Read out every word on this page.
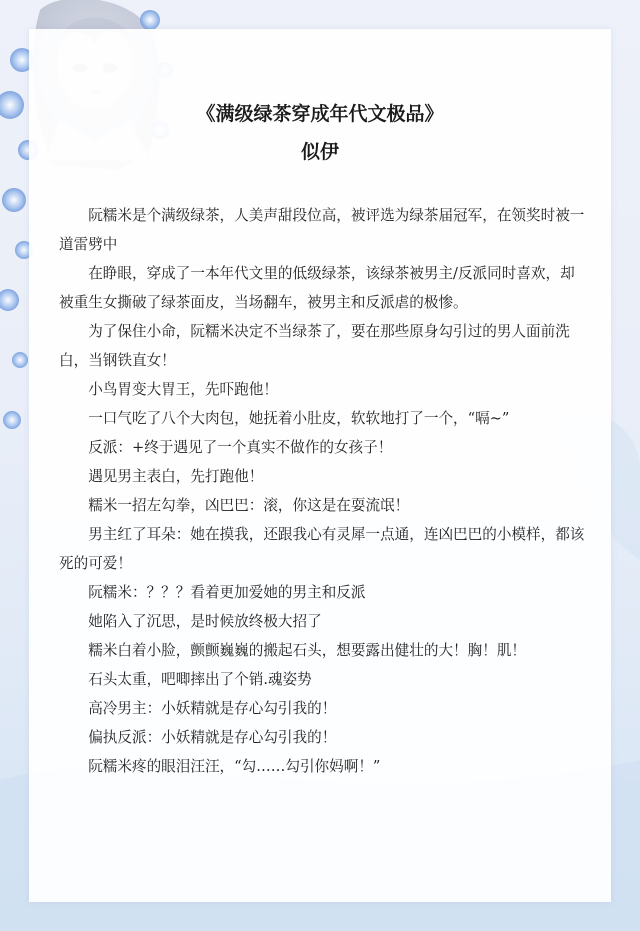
《满级绿茶穿成年代文极品》
似伊

阮糯米是个满级绿茶，人美声甜段位高，被评选为绿茶届冠军，在领奖时被一道雷劈中

在睁眼，穿成了一本年代文里的低级绿茶，该绿茶被男主/反派同时喜欢，却被重生女撕破了绿茶面皮，当场翻车，被男主和反派虐的极惨。

为了保住小命，阮糯米决定不当绿茶了，要在那些原身勾引过的男人面前洗白，当钢铁直女！

小鸟胃变大胃王，先吓跑他！

一口气吃了八个大肉包，她抚着小肚皮，软软地打了一个，“嗝~”

反派：+终于遇见了一个真实不做作的女孩子！

遇见男主表白，先打跑他！

糯米一招左勾拳，凶巴巴：滚，你这是在耍流氓！

男主红了耳朵：她在摸我，还跟我心有灵犀一点通，连凶巴巴的小模样，都该死的可爱！

阮糯米：？？？看着更加爱她的男主和反派

她陷入了沉思，是时候放终极大招了

糯米白着小脸，颤颤巍巍的搬起石头，想要露出健壮的大！胸！肌！

石头太重，吧唧摔出了个销.魂姿势

高冷男主：小妖精就是存心勾引我的！

偏执反派：小妖精就是存心勾引我的！

阮糯米疼的眼泪汪汪，“勾……勾引你妈啊！”
